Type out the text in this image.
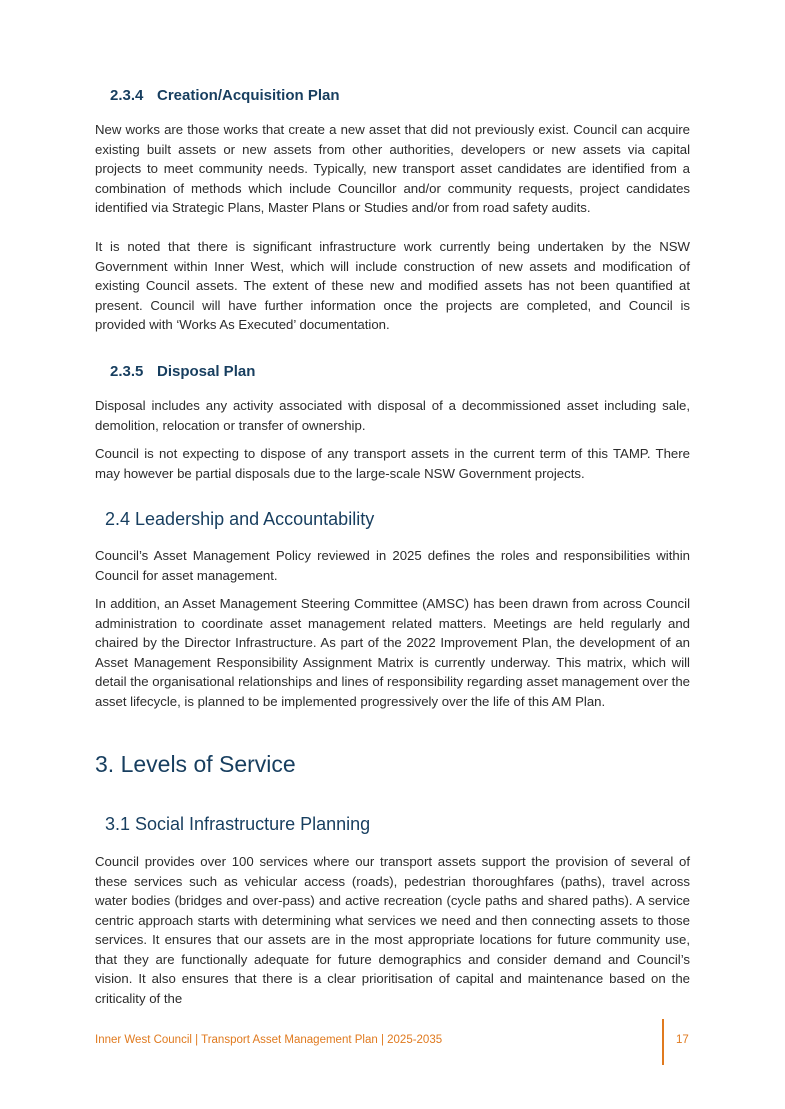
2.3.4 Creation/Acquisition Plan

New works are those works that create a new asset that did not previously exist. Council can acquire existing built assets or new assets from other authorities, developers or new assets via capital projects to meet community needs. Typically, new transport asset candidates are identified from a combination of methods which include Councillor and/or community requests, project candidates identified via Strategic Plans, Master Plans or Studies and/or from road safety audits.

It is noted that there is significant infrastructure work currently being undertaken by the NSW Government within Inner West, which will include construction of new assets and modification of existing Council assets. The extent of these new and modified assets has not been quantified at present. Council will have further information once the projects are completed, and Council is provided with ‘Works As Executed’ documentation.

2.3.5 Disposal Plan

Disposal includes any activity associated with disposal of a decommissioned asset including sale, demolition, relocation or transfer of ownership.

Council is not expecting to dispose of any transport assets in the current term of this TAMP. There may however be partial disposals due to the large-scale NSW Government projects.

2.4 Leadership and Accountability

Council’s Asset Management Policy reviewed in 2025 defines the roles and responsibilities within Council for asset management.

In addition, an Asset Management Steering Committee (AMSC) has been drawn from across Council administration to coordinate asset management related matters. Meetings are held regularly and chaired by the Director Infrastructure. As part of the 2022 Improvement Plan, the development of an Asset Management Responsibility Assignment Matrix is currently underway. This matrix, which will detail the organisational relationships and lines of responsibility regarding asset management over the asset lifecycle, is planned to be implemented progressively over the life of this AM Plan.

3. Levels of Service
3.1 Social Infrastructure Planning

Council provides over 100 services where our transport assets support the provision of several of these services such as vehicular access (roads), pedestrian thoroughfares (paths), travel across water bodies (bridges and over-pass) and active recreation (cycle paths and shared paths). A service centric approach starts with determining what services we need and then connecting assets to those services. It ensures that our assets are in the most appropriate locations for future community use, that they are functionally adequate for future demographics and consider demand and Council’s vision. It also ensures that there is a clear prioritisation of capital and maintenance based on the criticality of the

Inner West Council | Transport Asset Management Plan | 2025-2035	17
